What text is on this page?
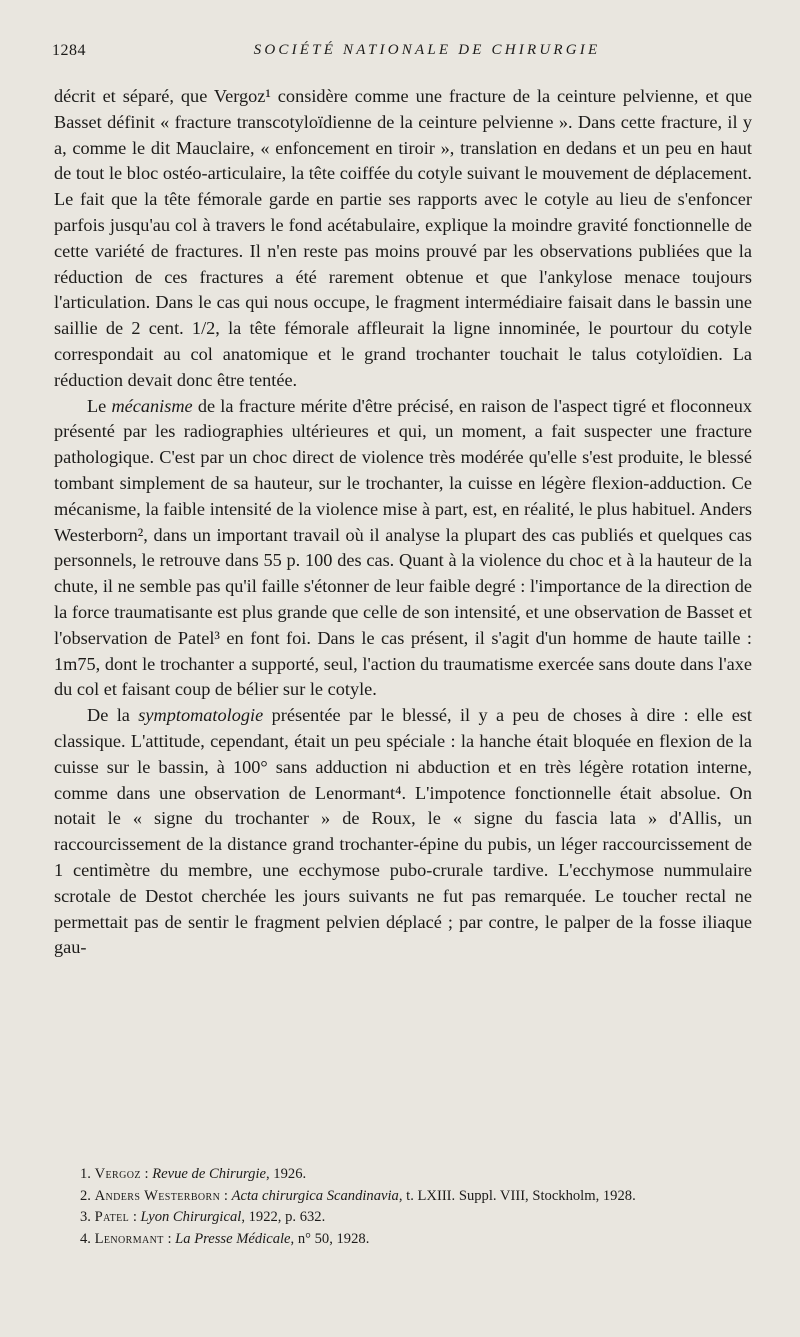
1284	SOCIÉTÉ NATIONALE DE CHIRURGIE

décrit et séparé, que Vergoz¹ considère comme une fracture de la ceinture pelvienne, et que Basset définit « fracture transcotyloïdienne de la ceinture pelvienne ». Dans cette fracture, il y a, comme le dit Mauclaire, « enfoncement en tiroir », translation en dedans et un peu en haut de tout le bloc ostéo-articulaire, la tête coiffée du cotyle suivant le mouvement de déplacement. Le fait que la tête fémorale garde en partie ses rapports avec le cotyle au lieu de s'enfoncer parfois jusqu'au col à travers le fond acétabulaire, explique la moindre gravité fonctionnelle de cette variété de fractures. Il n'en reste pas moins prouvé par les observations publiées que la réduction de ces fractures a été rarement obtenue et que l'ankylose menace toujours l'articulation. Dans le cas qui nous occupe, le fragment intermédiaire faisait dans le bassin une saillie de 2 cent. 1/2, la tête fémorale affleurait la ligne innominée, le pourtour du cotyle correspondait au col anatomique et le grand trochanter touchait le talus cotyloïdien. La réduction devait donc être tentée.

Le mécanisme de la fracture mérite d'être précisé, en raison de l'aspect tigré et floconneux présenté par les radiographies ultérieures et qui, un moment, a fait suspecter une fracture pathologique. C'est par un choc direct de violence très modérée qu'elle s'est produite, le blessé tombant simplement de sa hauteur, sur le trochanter, la cuisse en légère flexion-adduction. Ce mécanisme, la faible intensité de la violence mise à part, est, en réalité, le plus habituel. Anders Westerborn², dans un important travail où il analyse la plupart des cas publiés et quelques cas personnels, le retrouve dans 55 p. 100 des cas. Quant à la violence du choc et à la hauteur de la chute, il ne semble pas qu'il faille s'étonner de leur faible degré : l'importance de la direction de la force traumatisante est plus grande que celle de son intensité, et une observation de Basset et l'observation de Patel³ en font foi. Dans le cas présent, il s'agit d'un homme de haute taille : 1m75, dont le trochanter a supporté, seul, l'action du traumatisme exercée sans doute dans l'axe du col et faisant coup de bélier sur le cotyle.

De la symptomatologie présentée par le blessé, il y a peu de choses à dire : elle est classique. L'attitude, cependant, était un peu spéciale : la hanche était bloquée en flexion de la cuisse sur le bassin, à 100° sans adduction ni abduction et en très légère rotation interne, comme dans une observation de Lenormant⁴. L'impotence fonctionnelle était absolue. On notait le « signe du trochanter » de Roux, le « signe du fascia lata » d'Allis, un raccourcissement de la distance grand trochanter-épine du pubis, un léger raccourcissement de 1 centimètre du membre, une ecchymose pubo-crurale tardive. L'ecchymose nummulaire scrotale de Destot cherchée les jours suivants ne fut pas remarquée. Le toucher rectal ne permettait pas de sentir le fragment pelvien déplacé ; par contre, le palper de la fosse iliaque gau-

1. Vergoz : Revue de Chirurgie, 1926.

2. Anders Westerborn : Acta chirurgica Scandinavia, t. LXIII. Suppl. VIII, Stockholm, 1928.

3. Patel : Lyon Chirurgical, 1922, p. 632.

4. Lenormant : La Presse Médicale, n° 50, 1928.
